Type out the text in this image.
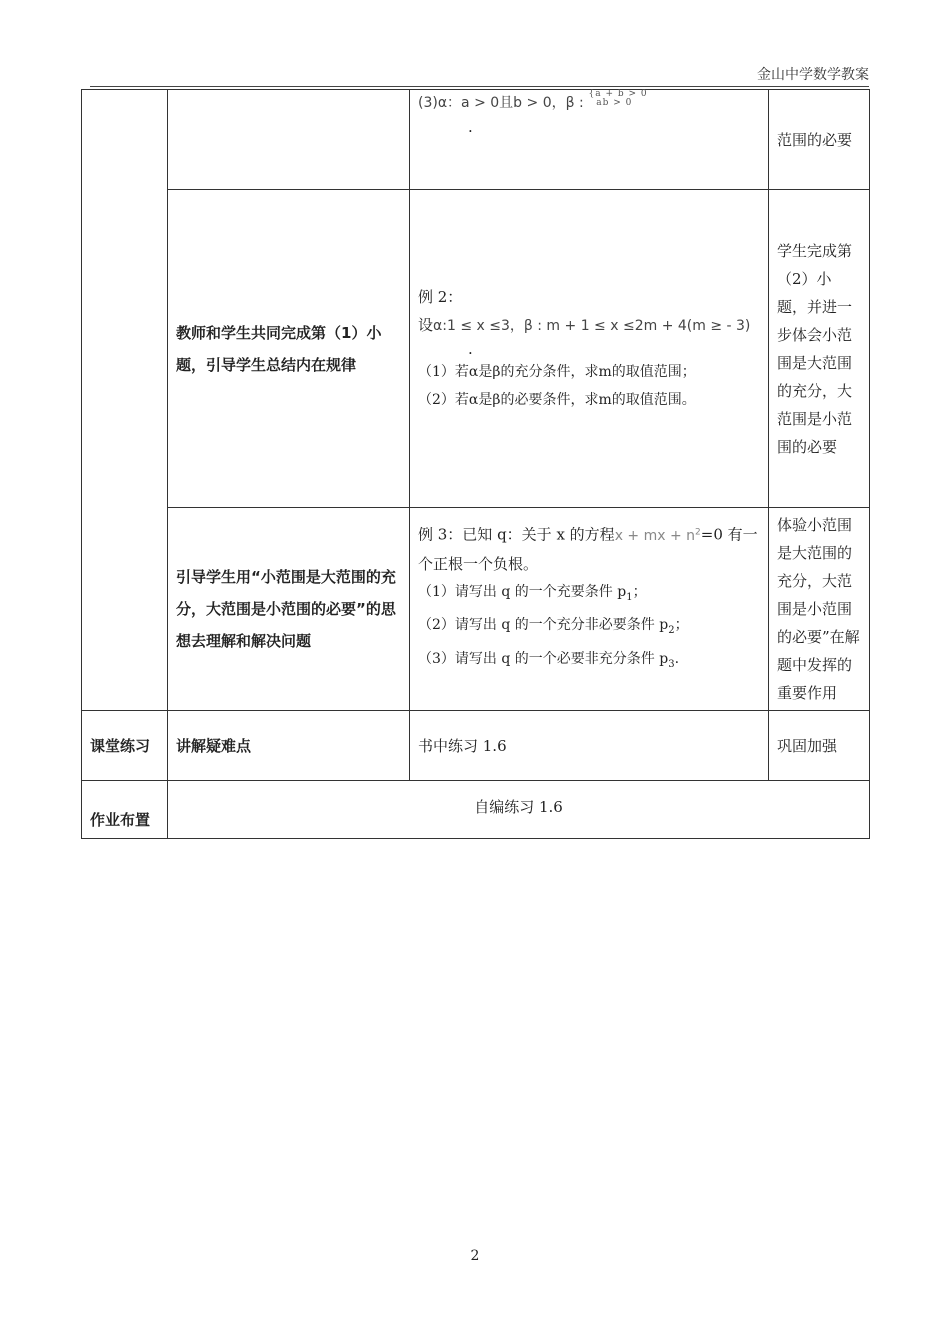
金山中学数学教案

		(3)α：a > 0且b > 0，β : {a + b > 0
ab > 0
.	范围的必要
	教师和学生共同完成第（1）小题，引导学生总结内在规律	例 2：
设α:1 ≤ x ≤3，β : m + 1 ≤ x ≤2m + 4(m ≥ - 3)
.
（1）若α是β的充分条件，求m的取值范围；
（2）若α是β的必要条件，求m的取值范围。	学生完成第（2）小题，并进一步体会小范围是大范围的充分，大范围是小范围的必要
	引导学生用“小范围是大范围的充分，大范围是小范围的必要”的思想去理解和解决问题	例 3：已知 q：关于 x 的方程x + mx + $n^2=0$ 有一个正根一个负根。
（1）请写出 q 的一个充要条件 $p_1$；
（2）请写出 q 的一个充分非必要条件 $p_2$；
（3）请写出 q 的一个必要非充分条件 $p_3$.	体验小范围是大范围的充分，大范围是小范围的必要”在解题中发挥的重要作用
课堂练习	讲解疑难点	书中练习 1.6	巩固加强
作业布置	自编练习 1.6		
2
